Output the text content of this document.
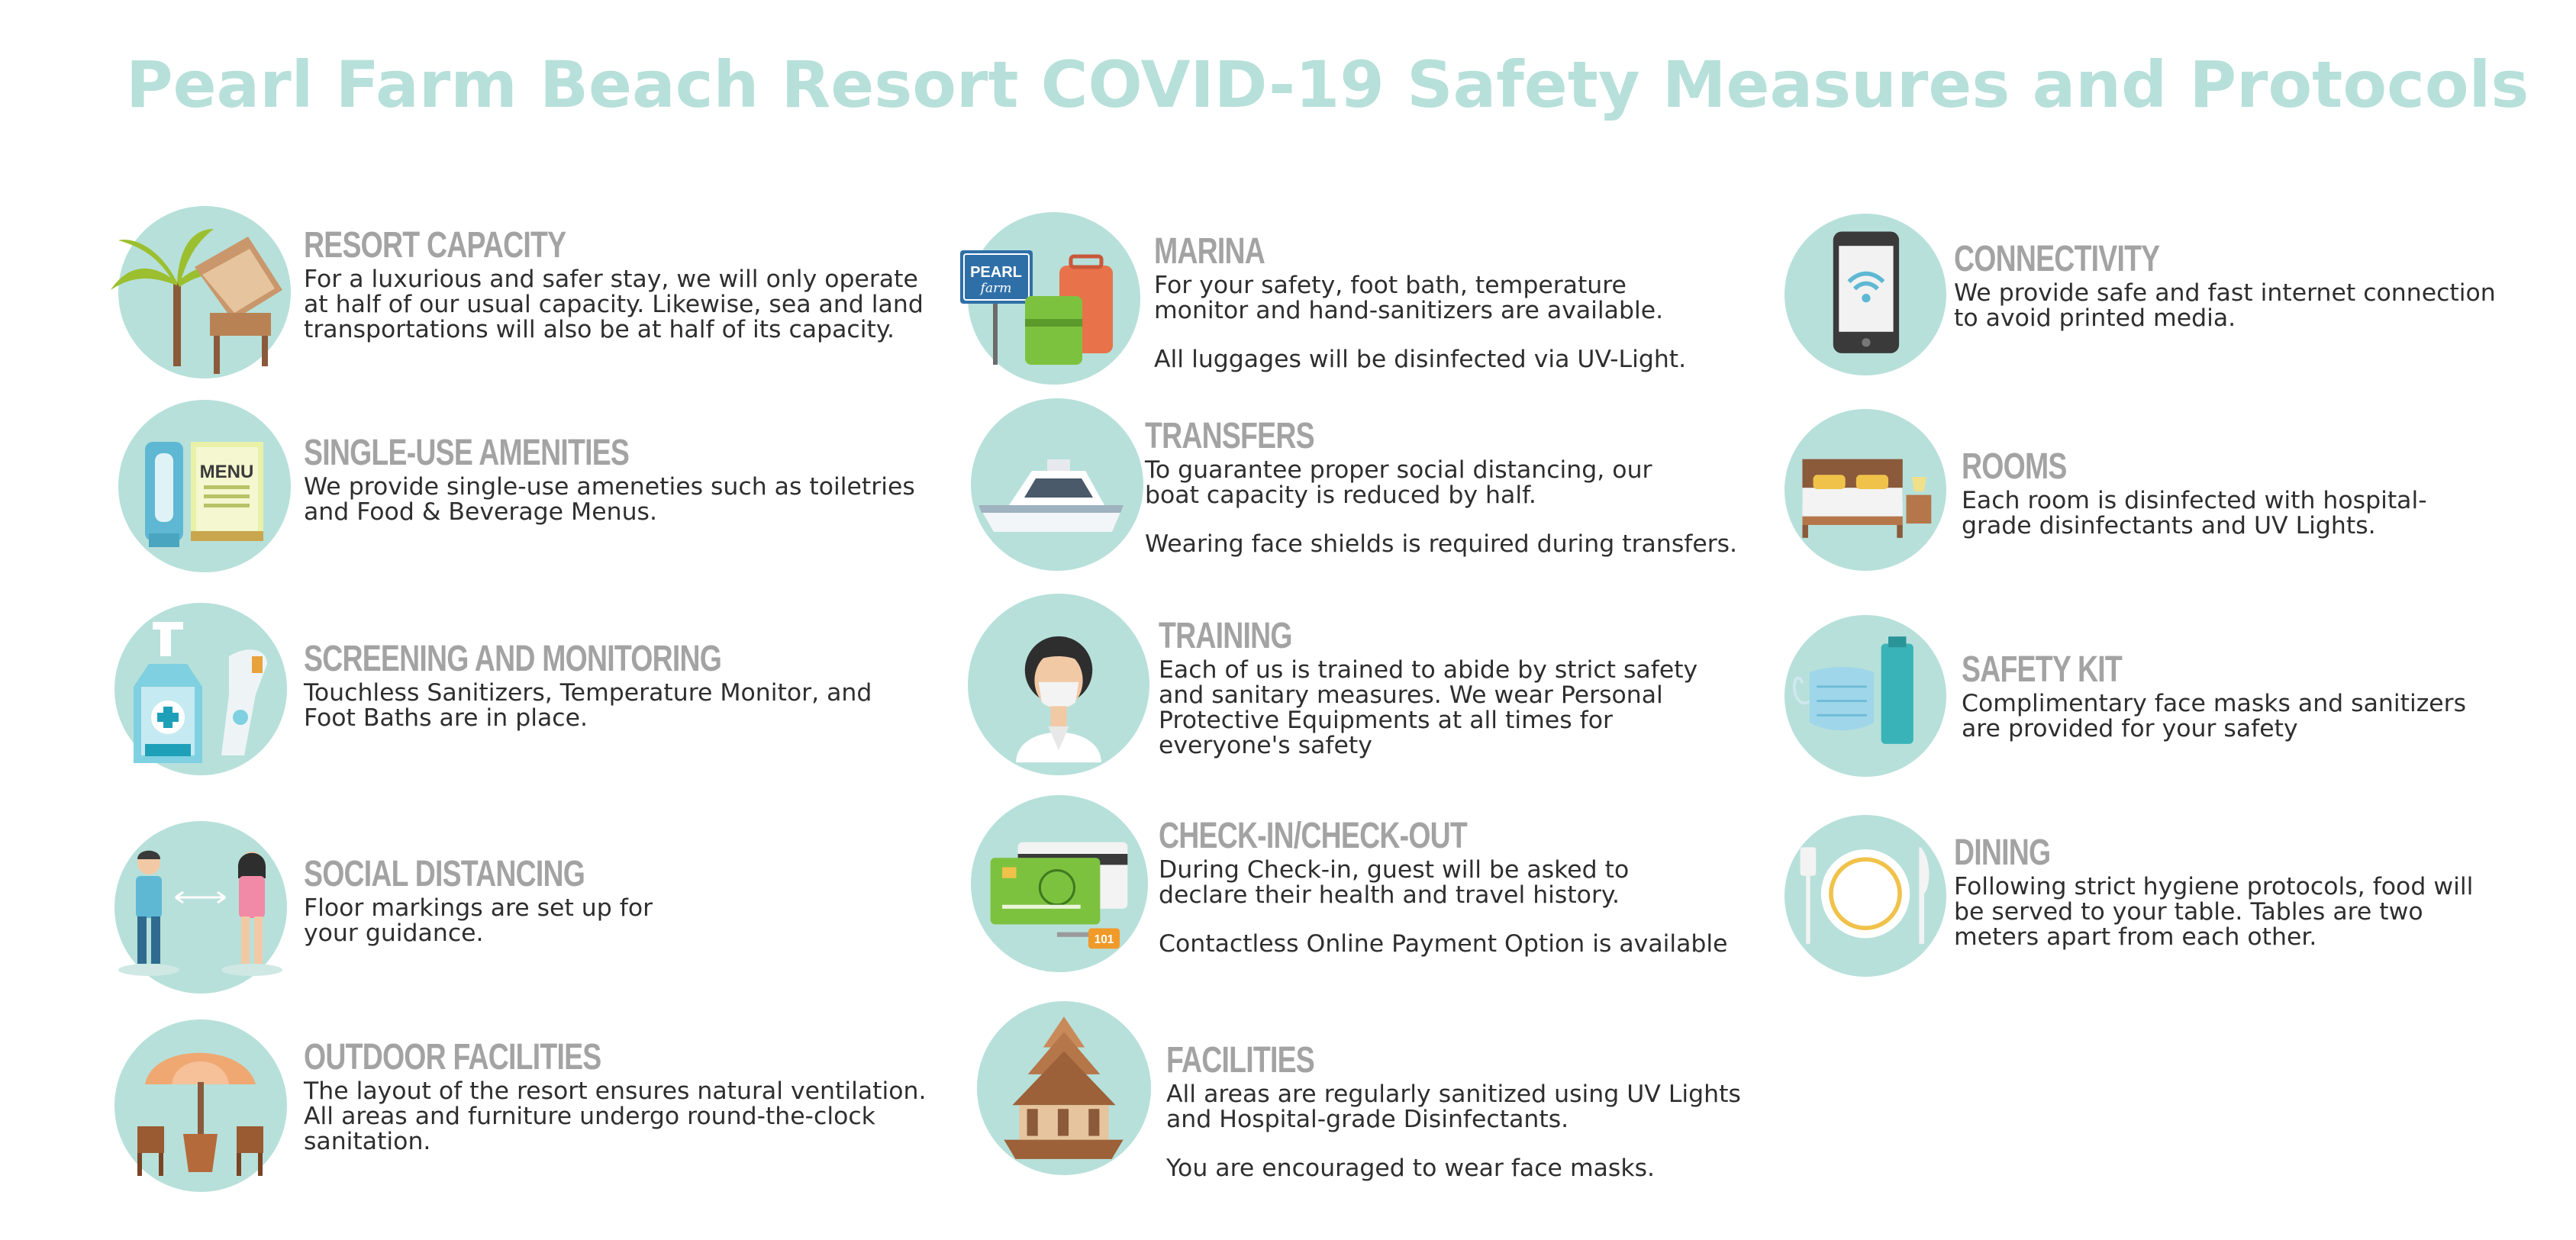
Pearl Farm Beach Resort COVID-19 Safety Measures and Protocols
RESORT CAPACITY

For a luxurious and safer stay, we will only operate at half of our usual capacity. Likewise, sea and land transportations will also be at half of its capacity.

MENU SINGLE-USE AMENITIES

We provide single-use ameneties such as toiletries and Food & Beverage Menus.

SCREENING AND MONITORING

Touchless Sanitizers, Temperature Monitor, and Foot Baths are in place.

SOCIAL DISTANCING

Floor markings are set up for your guidance.

OUTDOOR FACILITIES

The layout of the resort ensures natural ventilation. All areas and furniture undergo round-the-clock sanitation.

PEARL
farm
MARINA

For your safety, foot bath, temperature monitor and hand-sanitizers are available.

All luggages will be disinfected via UV-Light.

TRANSFERS

To guarantee proper social distancing, our boat capacity is reduced by half.

Wearing face shields is required during transfers.

TRAINING

Each of us is trained to abide by strict safety and sanitary measures. We wear Personal Protective Equipments at all times for everyone's safety

101
CHECK-IN/CHECK-OUT

During Check-in, guest will be asked to declare their health and travel history.

Contactless Online Payment Option is available

FACILITIES

All areas are regularly sanitized using UV Lights and Hospital-grade Disinfectants.

You are encouraged to wear face masks.

CONNECTIVITY

We provide safe and fast internet connection to avoid printed media.

ROOMS

Each room is disinfected with hospital-grade disinfectants and UV Lights.

SAFETY KIT

Complimentary face masks and sanitizers are provided for your safety

DINING

Following strict hygiene protocols, food will be served to your table. Tables are two meters apart from each other.
